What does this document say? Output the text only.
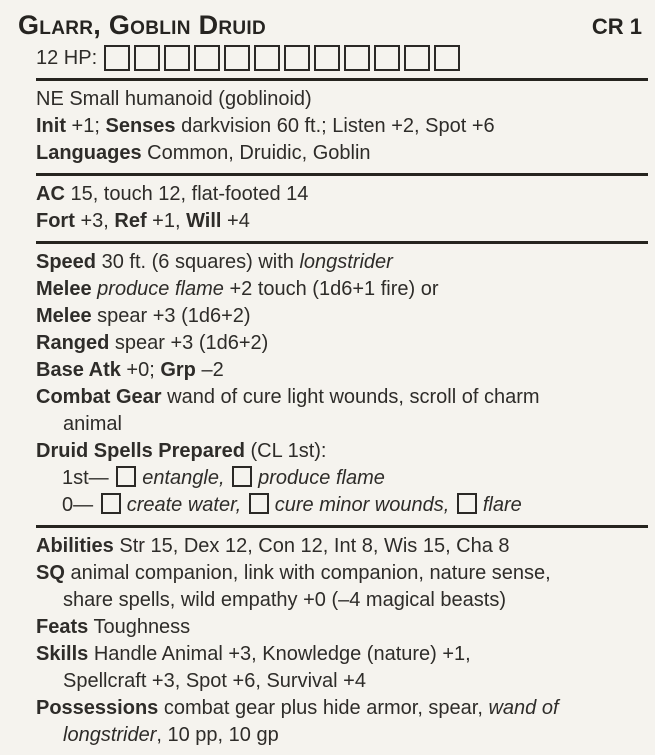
Glarr, Goblin Druid	CR 1
12 HP:
NE Small humanoid (goblinoid)
Init +1; Senses darkvision 60 ft.; Listen +2, Spot +6
Languages Common, Druidic, Goblin
AC 15, touch 12, flat-footed 14
Fort +3, Ref +1, Will +4
Speed 30 ft. (6 squares) with longstrider
Melee produce flame +2 touch (1d6+1 fire) or
Melee spear +3 (1d6+2)
Ranged spear +3 (1d6+2)
Base Atk +0; Grp –2
Combat Gear wand of cure light wounds, scroll of charm
animal
Druid Spells Prepared (CL 1st):
1st— entangle, produce flame
0— create water, cure minor wounds, flare
Abilities Str 15, Dex 12, Con 12, Int 8, Wis 15, Cha 8
SQ animal companion, link with companion, nature sense,
share spells, wild empathy +0 (–4 magical beasts)
Feats Toughness
Skills Handle Animal +3, Knowledge (nature) +1,
Spellcraft +3, Spot +6, Survival +4
Possessions combat gear plus hide armor, spear, wand of
longstrider, 10 pp, 10 gp
